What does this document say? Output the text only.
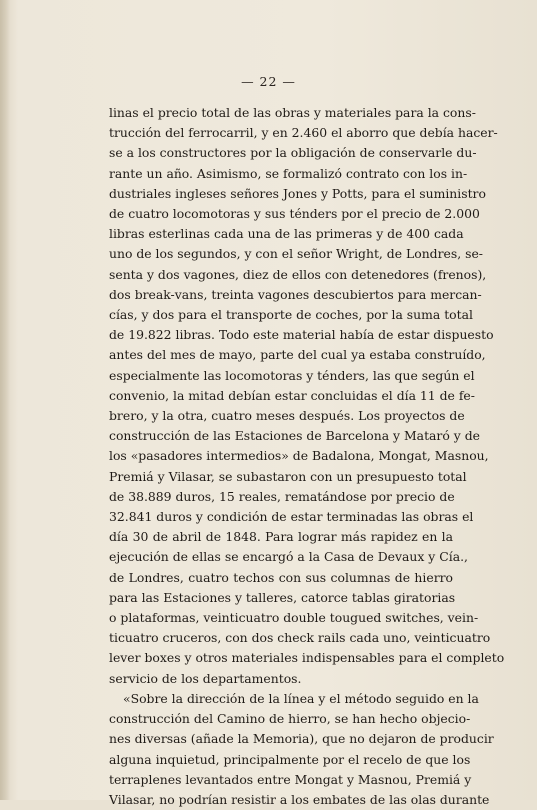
— 22 —
linas el precio total de las obras y materiales para la cons-
trucción del ferrocarril, y en 2.460 el aborro que debía hacer-
se a los constructores por la obligación de conservarle du-
rante un año. Asimismo, se formalizó contrato con los in-
dustriales ingleses señores Jones y Potts, para el suministro
de cuatro locomotoras y sus ténders por el precio de 2.000
libras esterlinas cada una de las primeras y de 400 cada
uno de los segundos, y con el señor Wright, de Londres, se-
senta y dos vagones, diez de ellos con detenedores (frenos),
dos break-vans, treinta vagones descubiertos para mercan-
cías, y dos para el transporte de coches, por la suma total
de 19.822 libras. Todo este material había de estar dispuesto
antes del mes de mayo, parte del cual ya estaba construído,
especialmente las locomotoras y ténders, las que según el
convenio, la mitad debían estar concluidas el día 11 de fe-
brero, y la otra, cuatro meses después. Los proyectos de
construcción de las Estaciones de Barcelona y Mataró y de
los «pasadores intermedios» de Badalona, Mongat, Masnou,
Premiá y Vilasar, se subastaron con un presupuesto total
de 38.889 duros, 15 reales, rematándose por precio de
32.841 duros y condición de estar terminadas las obras el
día 30 de abril de 1848. Para lograr más rapidez en la
ejecución de ellas se encargó a la Casa de Devaux y Cía.,
de Londres, cuatro techos con sus columnas de hierro
para las Estaciones y talleres, catorce tablas giratorias
o plataformas, veinticuatro double tougued switches, vein-
ticuatro cruceros, con dos check rails cada uno, veinticuatro
lever boxes y otros materiales indispensables para el completo
servicio de los departamentos.
«Sobre la dirección de la línea y el método seguido en la
construcción del Camino de hierro, se han hecho objecio-
nes diversas (añade la Memoria), que no dejaron de producir
alguna inquietud, principalmente por el recelo de que los
terraplenes levantados entre Mongat y Masnou, Premiá y
Vilasar, no podrían resistir a los embates de las olas durante
